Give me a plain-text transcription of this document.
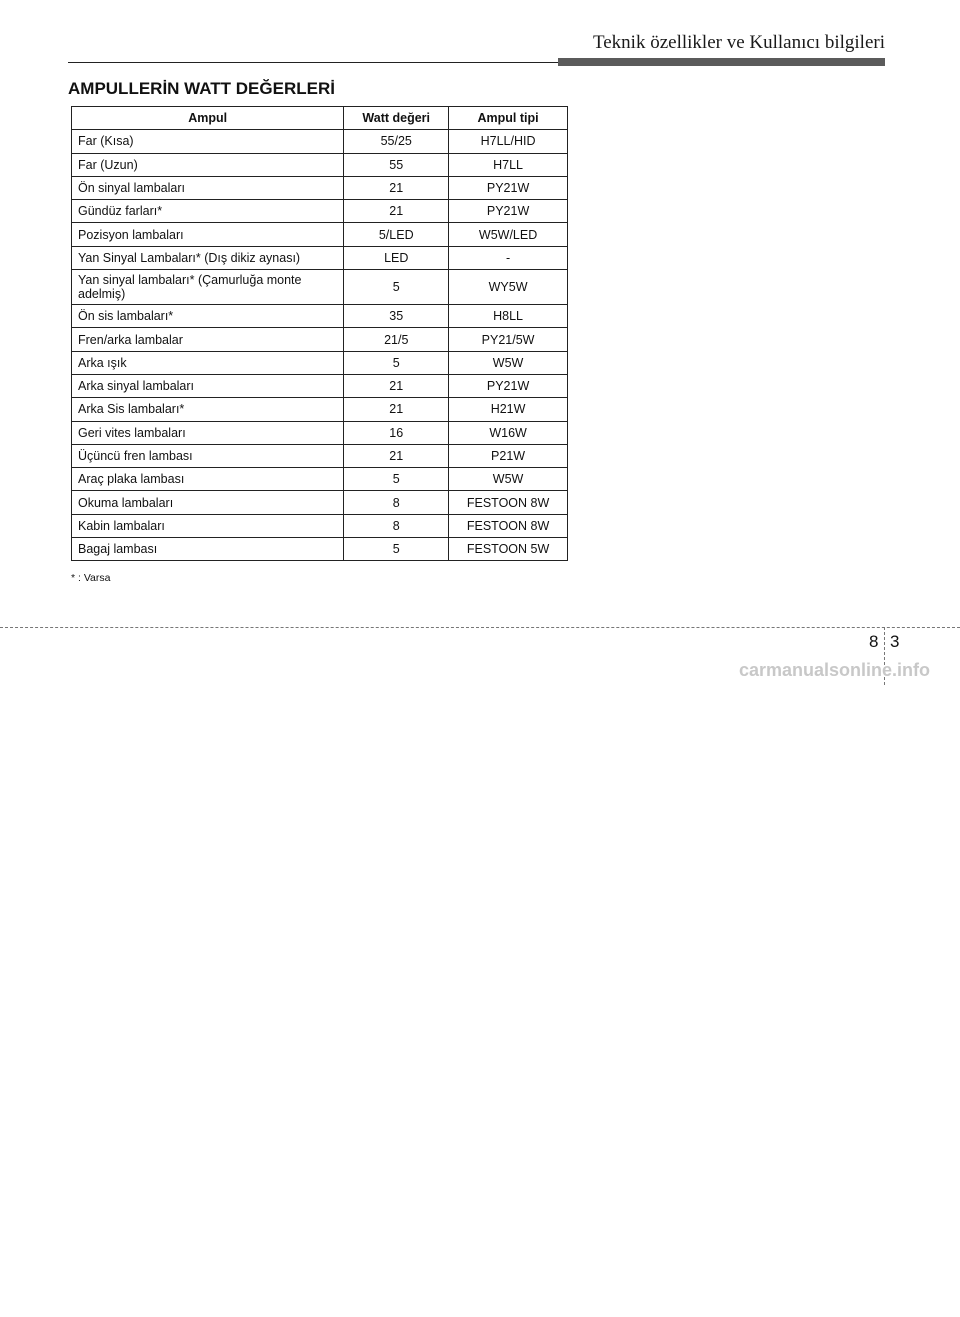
Teknik özellikler ve Kullanıcı bilgileri
AMPULLERİN WATT DEĞERLERİ
Ampul	Watt değeri	Ampul tipi
Far (Kısa)	55/25	H7LL/HID
Far (Uzun)	55	H7LL
Ön sinyal lambaları	21	PY21W
Gündüz farları*	21	PY21W
Pozisyon lambaları	5/LED	W5W/LED
Yan Sinyal Lambaları* (Dış dikiz aynası)	LED	-
Yan sinyal lambaları* (Çamurluğa monte adelmiş)	5	WY5W
Ön sis lambaları*	35	H8LL
Fren/arka lambalar	21/5	PY21/5W
Arka ışık	5	W5W
Arka sinyal lambaları	21	PY21W
Arka Sis lambaları*	21	H21W
Geri vites lambaları	16	W16W
Üçüncü fren lambası	21	P21W
Araç plaka lambası	5	W5W
Okuma lambaları	8	FESTOON 8W
Kabin lambaları	8	FESTOON 8W
Bagaj lambası	5	FESTOON 5W
* : Varsa
8 3
carmanualsonline.info
